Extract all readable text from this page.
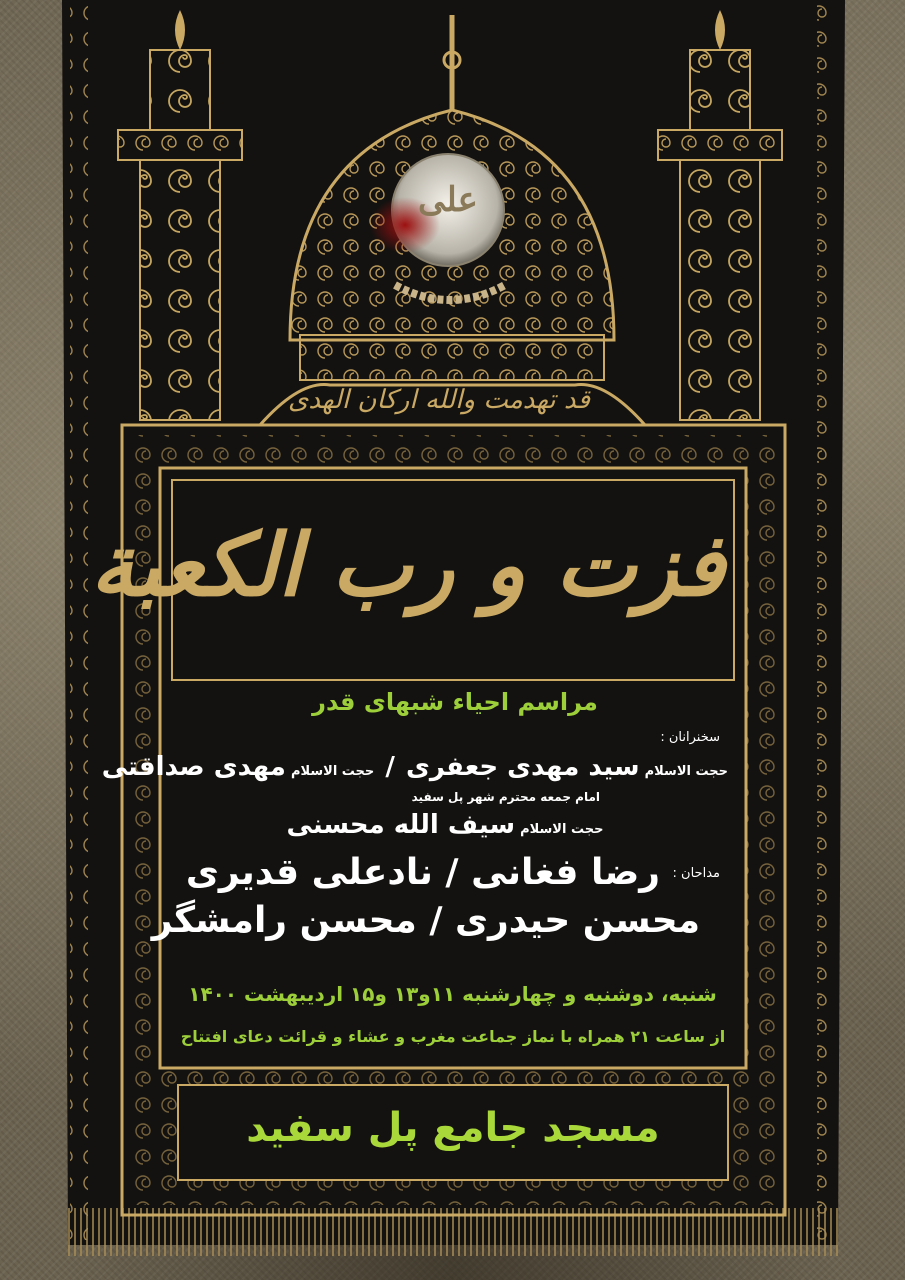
قد تهدمت والله ارکان الهدی
علی
فزت و رب الکعبة
مراسم احیاء شبهای قدر
سخنرانان :
حجت الاسلام سید مهدی جعفری / حجت الاسلام مهدی صداقتی
امام جمعه محترم شهر پل سفید
حجت الاسلام سیف الله محسنی
مداحان :
رضا فغانی / نادعلی قدیری
محسن حیدری / محسن رامشگر
شنبه، دوشنبه و چهارشنبه ۱۱و۱۳ و۱۵ اردیبهشت ۱۴۰۰
از ساعت ۲۱ همراه با نماز جماعت مغرب و عشاء و قرائت دعای افتتاح
مسجد جامع پل سفید
